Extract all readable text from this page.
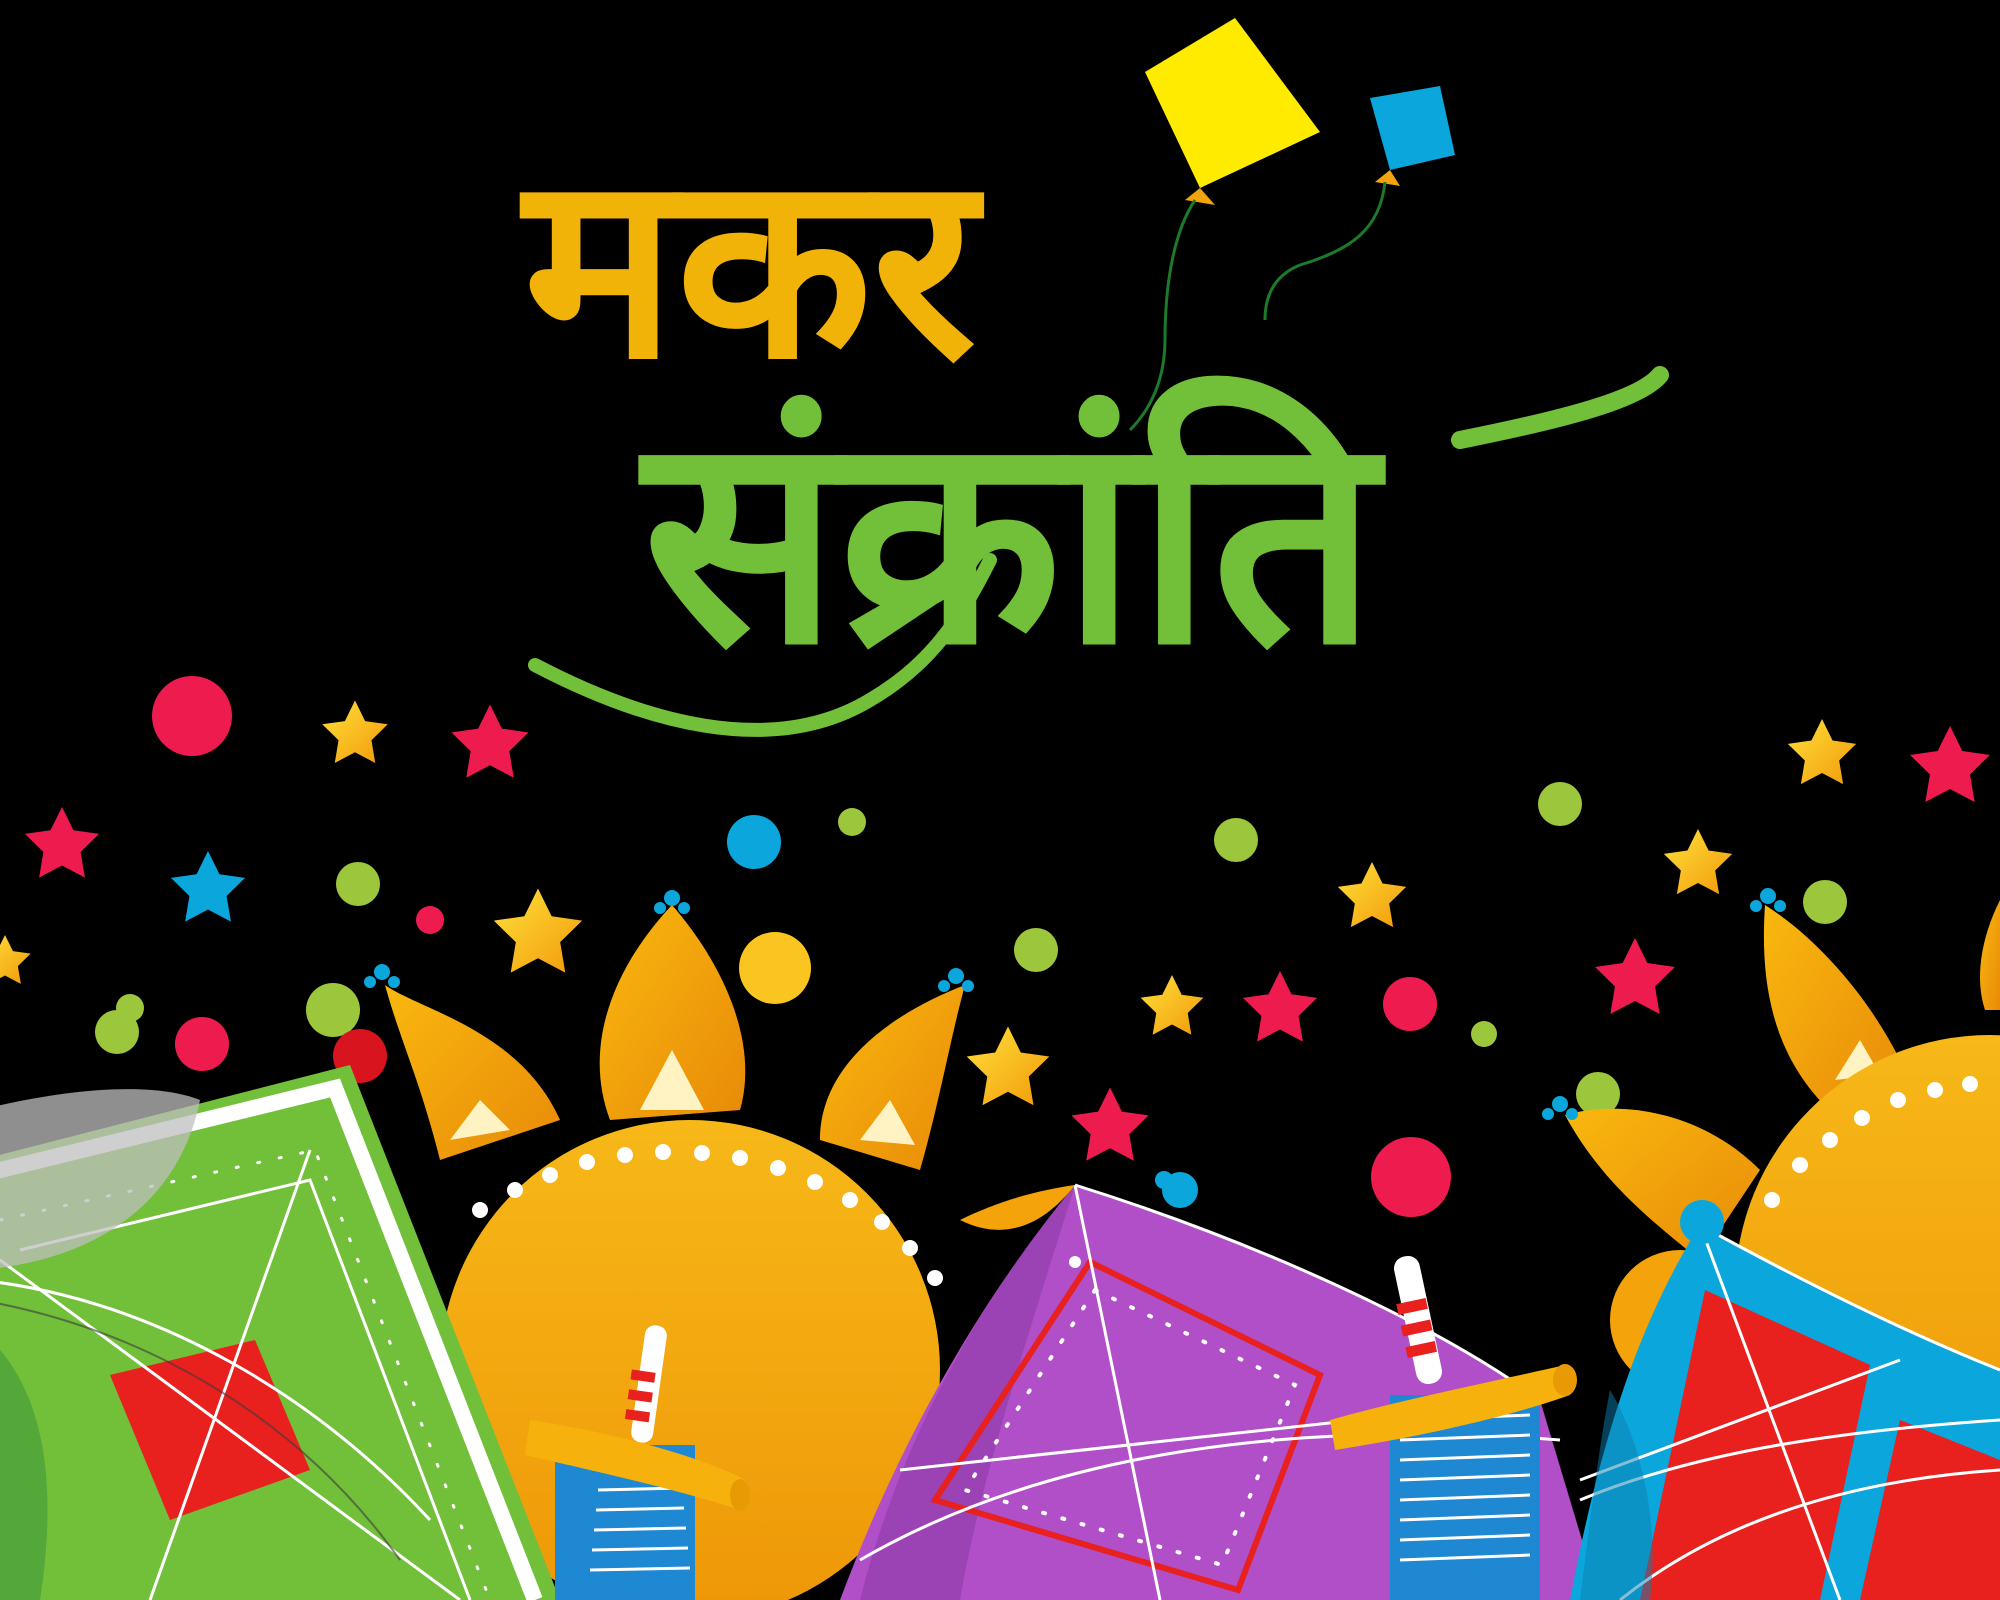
मकर
संक्रांति
